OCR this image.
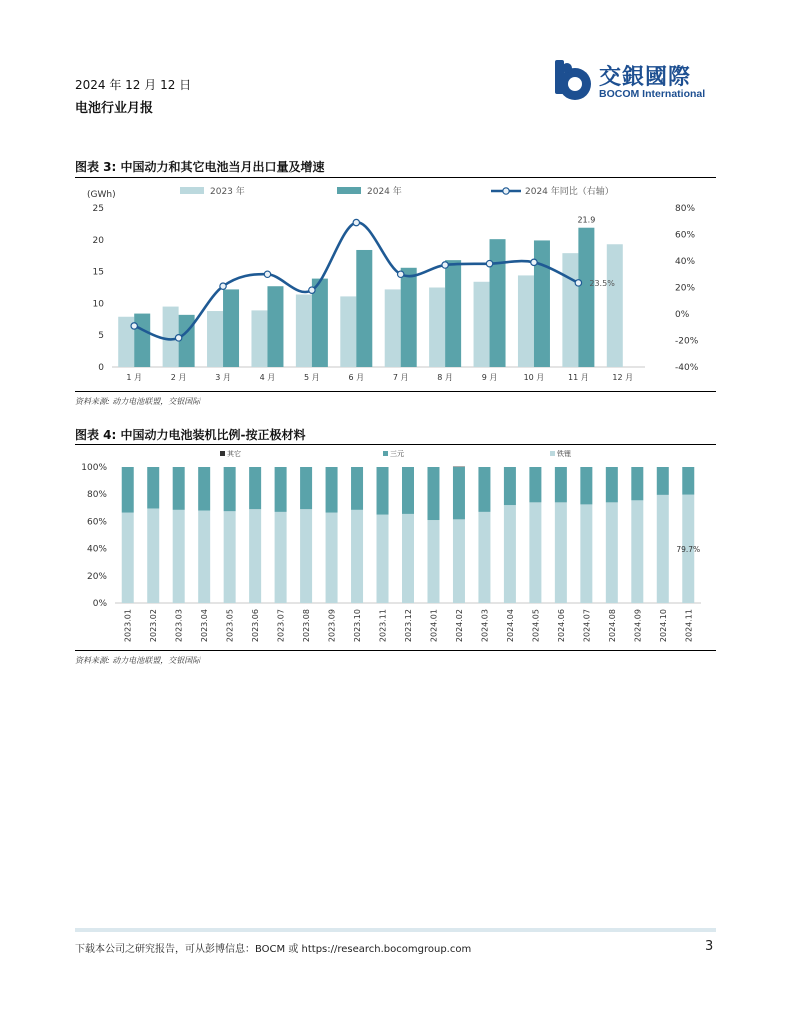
2024 年 12 月 12 日
电池行业月报
交銀國際
BOCOM International
图表 3: 中国动力和其它电池当月出口量及增速
(GWh)	2023 年	2024 年	2024 年同比（右轴）
0
5
10
15
20
25
-40%
-20%
0%
20%
40%
60%
80%
1 月	2 月	3 月	4 月	5 月	6 月	7 月	8 月	9 月	10 月	11 月	12 月
21.9
23.5%
资料来源: 动力电池联盟，交银国际
图表 4: 中国动力电池装机比例-按正极材料
其它	三元	铁锂
0%
20%
40%
60%
80%
100%
2023.01 2023.02 2023.03 2023.04 2023.05 2023.06 2023.07 2023.08 2023.09 2023.10 2023.11 2023.12 2024.01 2024.02 2024.03 2024.04 2024.05 2024.06 2024.07 2024.08 2024.09 2024.10 2024.11
79.7%
资料来源: 动力电池联盟，交银国际
下载本公司之研究报告，可从彭博信息：BOCM 或 https://research.bocomgroup.com	3
